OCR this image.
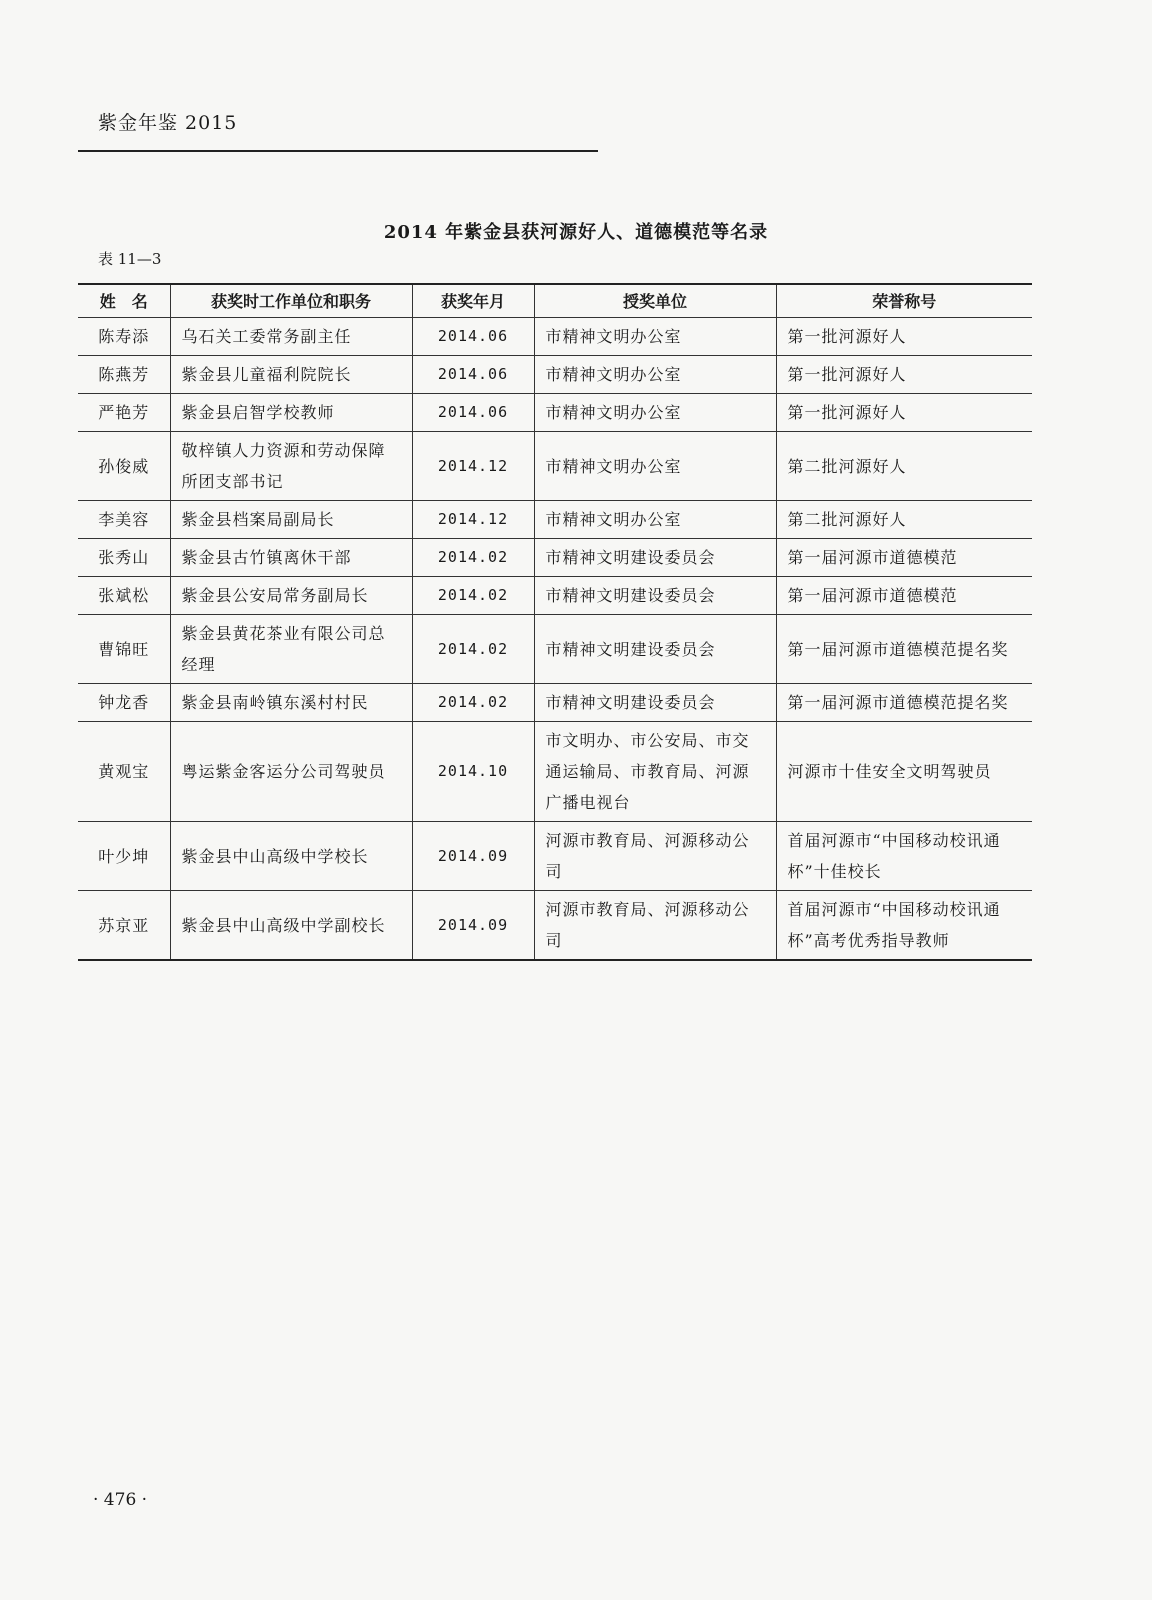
紫金年鉴 2015
2014 年紫金县获河源好人、道德模范等名录
表 11—3
姓　名	获奖时工作单位和职务	获奖年月	授奖单位	荣誉称号
陈寿添	乌石关工委常务副主任	2014.06	市精神文明办公室	第一批河源好人
陈燕芳	紫金县儿童福利院院长	2014.06	市精神文明办公室	第一批河源好人
严艳芳	紫金县启智学校教师	2014.06	市精神文明办公室	第一批河源好人
孙俊威	敬梓镇人力资源和劳动保障所团支部书记	2014.12	市精神文明办公室	第二批河源好人
李美容	紫金县档案局副局长	2014.12	市精神文明办公室	第二批河源好人
张秀山	紫金县古竹镇离休干部	2014.02	市精神文明建设委员会	第一届河源市道德模范
张斌松	紫金县公安局常务副局长	2014.02	市精神文明建设委员会	第一届河源市道德模范
曹锦旺	紫金县黄花茶业有限公司总经理	2014.02	市精神文明建设委员会	第一届河源市道德模范提名奖
钟龙香	紫金县南岭镇东溪村村民	2014.02	市精神文明建设委员会	第一届河源市道德模范提名奖
黄观宝	粤运紫金客运分公司驾驶员	2014.10	市文明办、市公安局、市交通运输局、市教育局、河源广播电视台	河源市十佳安全文明驾驶员
叶少坤	紫金县中山高级中学校长	2014.09	河源市教育局、河源移动公司	首届河源市“中国移动校讯通杯”十佳校长
苏京亚	紫金县中山高级中学副校长	2014.09	河源市教育局、河源移动公司	首届河源市“中国移动校讯通杯”高考优秀指导教师
· 476 ·
